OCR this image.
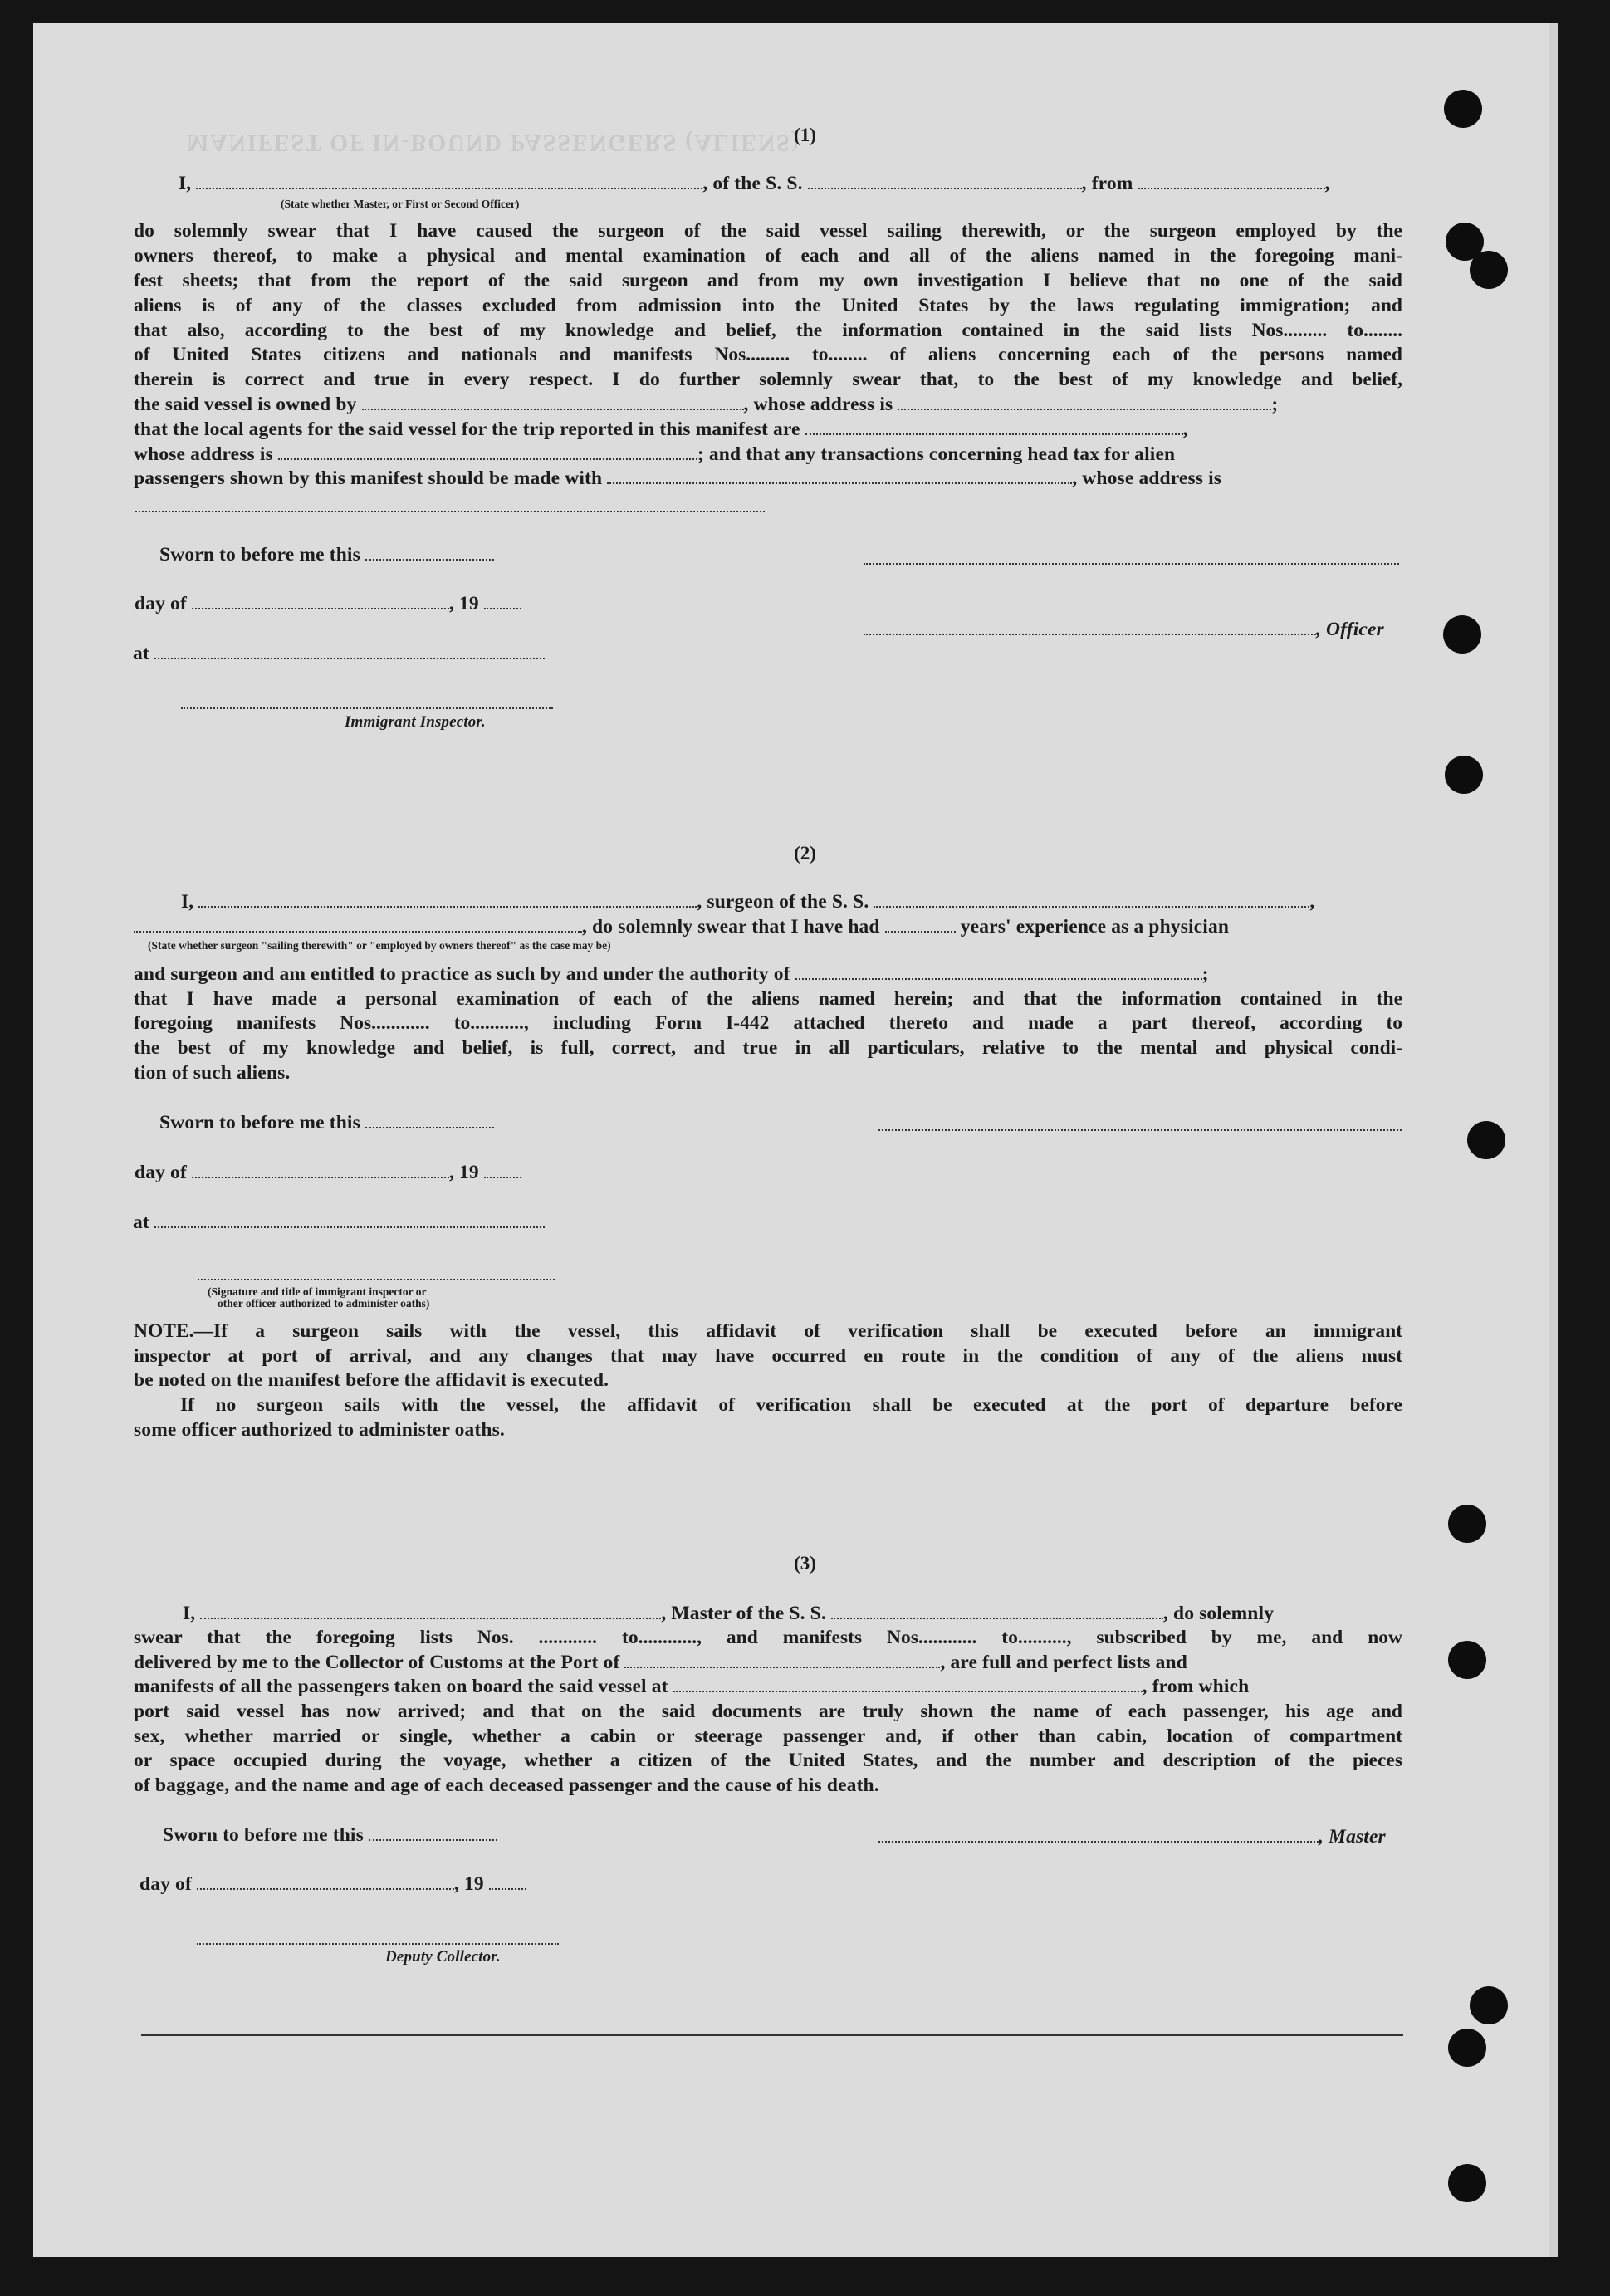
MANIFEST OF IN-BOUND PASSENGERS (ALIENS)
(1)
I,	, of the S. S.	, from	,
(State whether Master, or First or Second Officer)
do solemnly swear that I have caused the surgeon of the said vessel sailing therewith, or the surgeon employed by the
owners thereof, to make a physical and mental examination of each and all of the aliens named in the foregoing mani-
fest sheets; that from the report of the said surgeon and from my own investigation I believe that no one of the said
aliens is of any of the classes excluded from admission into the United States by the laws regulating immigration; and
that also, according to the best of my knowledge and belief, the information contained in the said lists Nos......... to........
of United States citizens and nationals and manifests Nos......... to........ of aliens concerning each of the persons named
therein is correct and true in every respect. I do further solemnly swear that, to the best of my knowledge and belief,
the said vessel is owned by	, whose address is	;
that the local agents for the said vessel for the trip reported in this manifest are	,
whose address is	; and that any transactions concerning head tax for alien
passengers shown by this manifest should be made with	, whose address is
Sworn to before me this
day of	, 19
, Officer
at
Immigrant Inspector.
(2)
I,	, surgeon of the S. S.	,
, do solemnly swear that I have had	years' experience as a physician
(State whether surgeon "sailing therewith" or "employed by owners thereof" as the case may be)
and surgeon and am entitled to practice as such by and under the authority of	;
that I have made a personal examination of each of the aliens named herein; and that the information contained in the
foregoing manifests Nos............ to..........., including Form I-442 attached thereto and made a part thereof, according to
the best of my knowledge and belief, is full, correct, and true in all particulars, relative to the mental and physical condi-
tion of such aliens.
Sworn to before me this
day of	, 19
at
(Signature and title of immigrant inspector or
other officer authorized to administer oaths)
NOTE.—If a surgeon sails with the vessel, this affidavit of verification shall be executed before an immigrant
inspector at port of arrival, and any changes that may have occurred en route in the condition of any of the aliens must
be noted on the manifest before the affidavit is executed.
If no surgeon sails with the vessel, the affidavit of verification shall be executed at the port of departure before
some officer authorized to administer oaths.
(3)
I,	, Master of the S. S.	, do solemnly
swear that the foregoing lists Nos. ............ to............, and manifests Nos............ to.........., subscribed by me, and now
delivered by me to the Collector of Customs at the Port of	, are full and perfect lists and
manifests of all the passengers taken on board the said vessel at	, from which
port said vessel has now arrived; and that on the said documents are truly shown the name of each passenger, his age and
sex, whether married or single, whether a cabin or steerage passenger and, if other than cabin, location of compartment
or space occupied during the voyage, whether a citizen of the United States, and the number and description of the pieces
of baggage, and the name and age of each deceased passenger and the cause of his death.
Sworn to before me this	, Master
day of	, 19
Deputy Collector.
